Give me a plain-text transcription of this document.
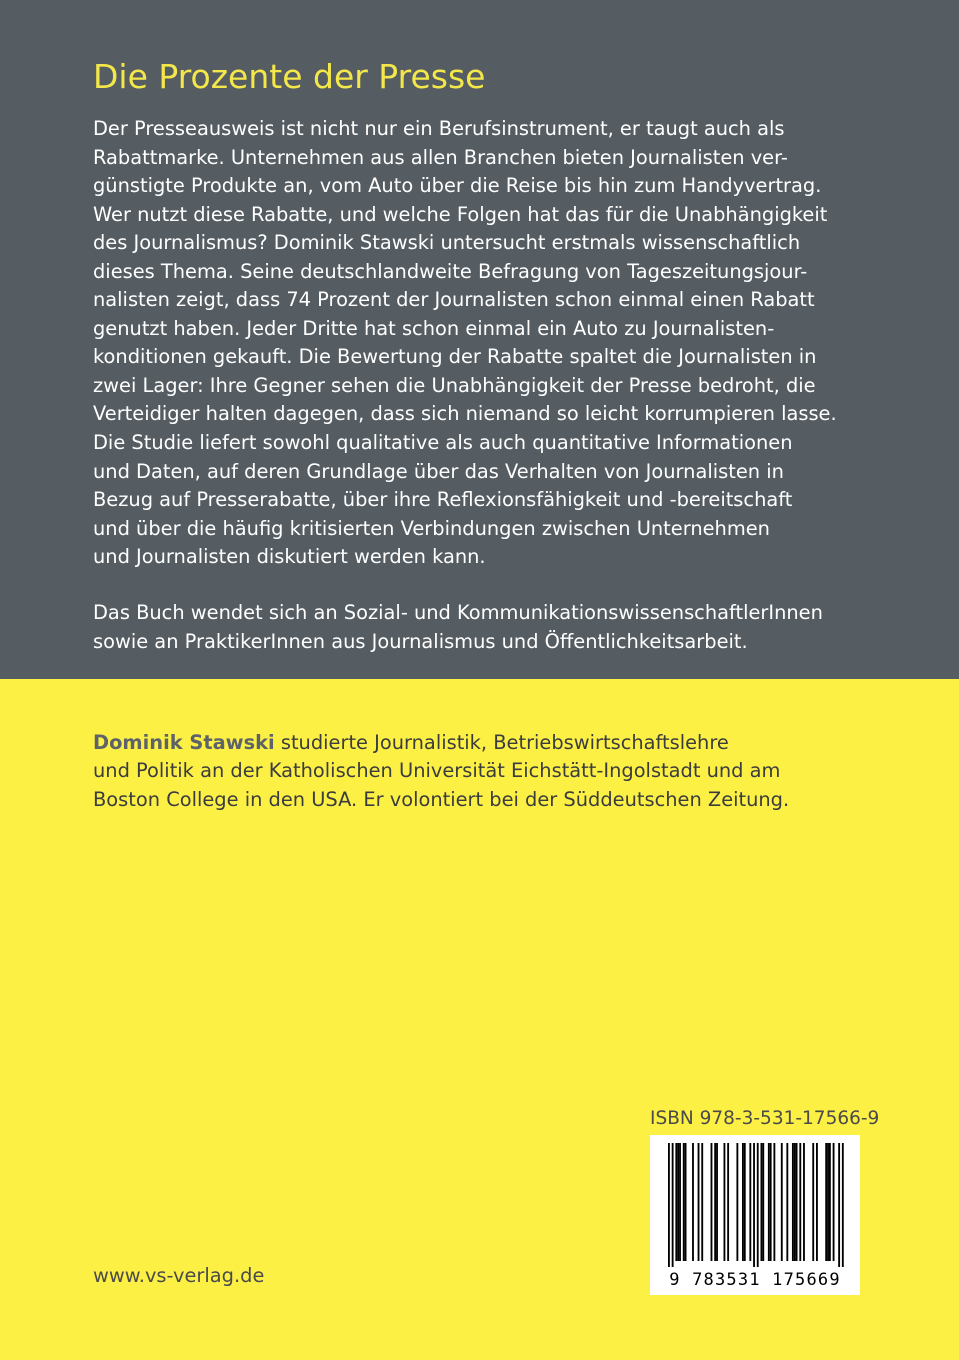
Die Prozente der Presse

Der Presseausweis ist nicht nur ein Berufsinstrument, er taugt auch als
Rabattmarke. Unternehmen aus allen Branchen bieten Journalisten ver-
günstigte Produkte an, vom Auto über die Reise bis hin zum Handyvertrag.
Wer nutzt diese Rabatte, und welche Folgen hat das für die Unabhängigkeit
des Journalismus? Dominik Stawski untersucht erstmals wissenschaftlich
dieses Thema. Seine deutschlandweite Befragung von Tageszeitungsjour-
nalisten zeigt, dass 74 Prozent der Journalisten schon einmal einen Rabatt
genutzt haben. Jeder Dritte hat schon einmal ein Auto zu Journalisten-
konditionen gekauft. Die Bewertung der Rabatte spaltet die Journalisten in
zwei Lager: Ihre Gegner sehen die Unabhängigkeit der Presse bedroht, die
Verteidiger halten dagegen, dass sich niemand so leicht korrumpieren lasse.
Die Studie liefert sowohl qualitative als auch quantitative Informationen
und Daten, auf deren Grundlage über das Verhalten von Journalisten in
Bezug auf Presserabatte, über ihre Reflexionsfähigkeit und -bereitschaft
und über die häufig kritisierten Verbindungen zwischen Unternehmen
und Journalisten diskutiert werden kann.

Das Buch wendet sich an Sozial- und KommunikationswissenschaftlerInnen
sowie an PraktikerInnen aus Journalismus und Öffentlichkeitsarbeit.

Dominik Stawski studierte Journalistik, Betriebswirtschaftslehre
und Politik an der Katholischen Universität Eichstätt-Ingolstadt und am
Boston College in den USA. Er volontiert bei der Süddeutschen Zeitung.

ISBN 978-3-531-17566-9
9 783531 175669
www.vs-verlag.de
